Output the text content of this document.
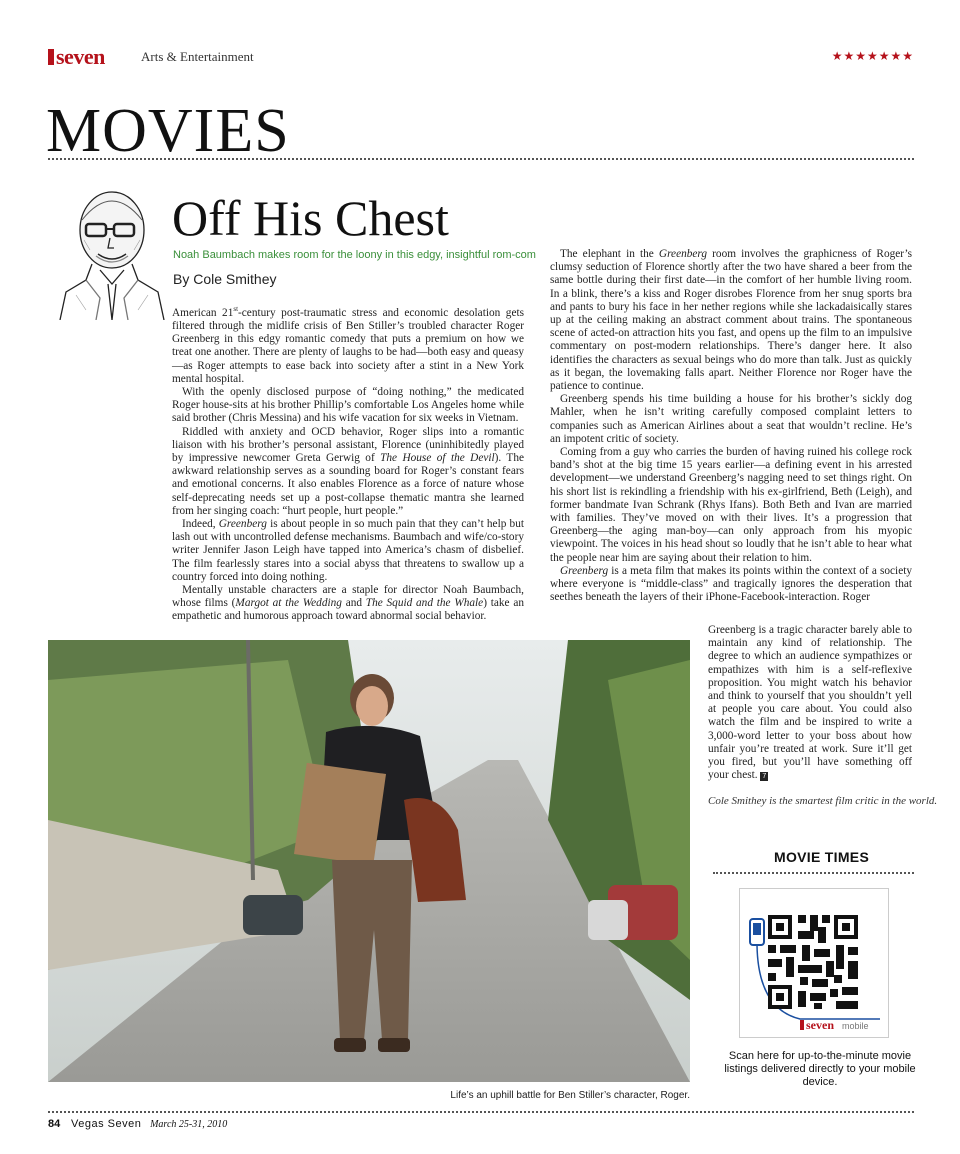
seven	Arts & Entertainment	★★★★★★★
MOVIES
Off His Chest
Noah Baumbach makes room for the loony in this edgy, insightful rom-com
By Cole Smithey

American 21st-century post-traumatic stress and economic desolation gets filtered through the midlife crisis of Ben Stiller’s troubled character Roger Greenberg in this edgy romantic comedy that puts a premium on how we treat one another. There are plenty of laughs to be had—both easy and queasy—as Roger attempts to ease back into society after a stint in a New York mental hospital.

With the openly disclosed purpose of “doing nothing,” the medicated Roger house-sits at his brother Phillip’s comfortable Los Angeles home while said brother (Chris Messina) and his wife vacation for six weeks in Vietnam.

Riddled with anxiety and OCD behavior, Roger slips into a romantic liaison with his brother’s personal assistant, Florence (uninhibitedly played by impressive newcomer Greta Gerwig of The House of the Devil). The awkward relationship serves as a sounding board for Roger’s constant fears and emotional concerns. It also enables Florence as a force of nature whose self-deprecating needs set up a post-collapse thematic mantra she learned from her singing coach: “hurt people, hurt people.”

Indeed, Greenberg is about people in so much pain that they can’t help but lash out with uncontrolled defense mechanisms. Baumbach and wife/co-story writer Jennifer Jason Leigh have tapped into America’s chasm of disbelief. The film fearlessly stares into a social abyss that threatens to swallow up a country forced into doing nothing.

Mentally unstable characters are a staple for director Noah Baumbach, whose films (Margot at the Wedding and The Squid and the Whale) take an empathetic and humorous approach toward abnormal social behavior.

The elephant in the Greenberg room involves the graphicness of Roger’s clumsy seduction of Florence shortly after the two have shared a beer from the same bottle during their first date—in the comfort of her humble living room. In a blink, there’s a kiss and Roger disrobes Florence from her snug sports bra and pants to bury his face in her nether regions while she lackadaisically stares up at the ceiling making an abstract comment about trains. The spontaneous scene of acted-on attraction hits you fast, and opens up the film to an impulsive commentary on post-modern relationships. There’s danger here. It also identifies the characters as sexual beings who do more than talk. Just as quickly as it began, the lovemaking falls apart. Neither Florence nor Roger have the patience to continue.

Greenberg spends his time building a house for his brother’s sickly dog Mahler, when he isn’t writing carefully composed complaint letters to companies such as American Airlines about a seat that wouldn’t recline. He’s an impotent critic of society.

Coming from a guy who carries the burden of having ruined his college rock band’s shot at the big time 15 years earlier—a defining event in his arrested development—we understand Greenberg’s nagging need to set things right. On his short list is rekindling a friendship with his ex-girlfriend, Beth (Leigh), and former bandmate Ivan Schrank (Rhys Ifans). Both Beth and Ivan are married with families. They’ve moved on with their lives. It’s a progression that Greenberg—the aging man-boy—can only approach from his myopic viewpoint. The voices in his head shout so loudly that he isn’t able to hear what the people near him are saying about their relation to him.

Greenberg is a meta film that makes its points within the context of a society where everyone is “middle-class” and tragically ignores the desperation that seethes beneath the layers of their iPhone-Facebook-interaction. Roger

Greenberg is a tragic character barely able to maintain any kind of relationship. The degree to which an audience sympathizes or empathizes with him is a self-reflexive proposition. You might watch his behavior and think to yourself that you shouldn’t yell at people you care about. You could also watch the film and be inspired to write a 3,000-word letter to your boss about how unfair you’re treated at work. Sure it’ll get you fired, but you’ll have something off your chest. 7

Cole Smithey is the smartest film critic in the world.
Life’s an uphill battle for Ben Stiller’s character, Roger.
MOVIE TIMES
seven mobile
Scan here for up-to-the-minute movie listings delivered directly to your mobile device.
84 Vegas Seven March 25-31, 2010
